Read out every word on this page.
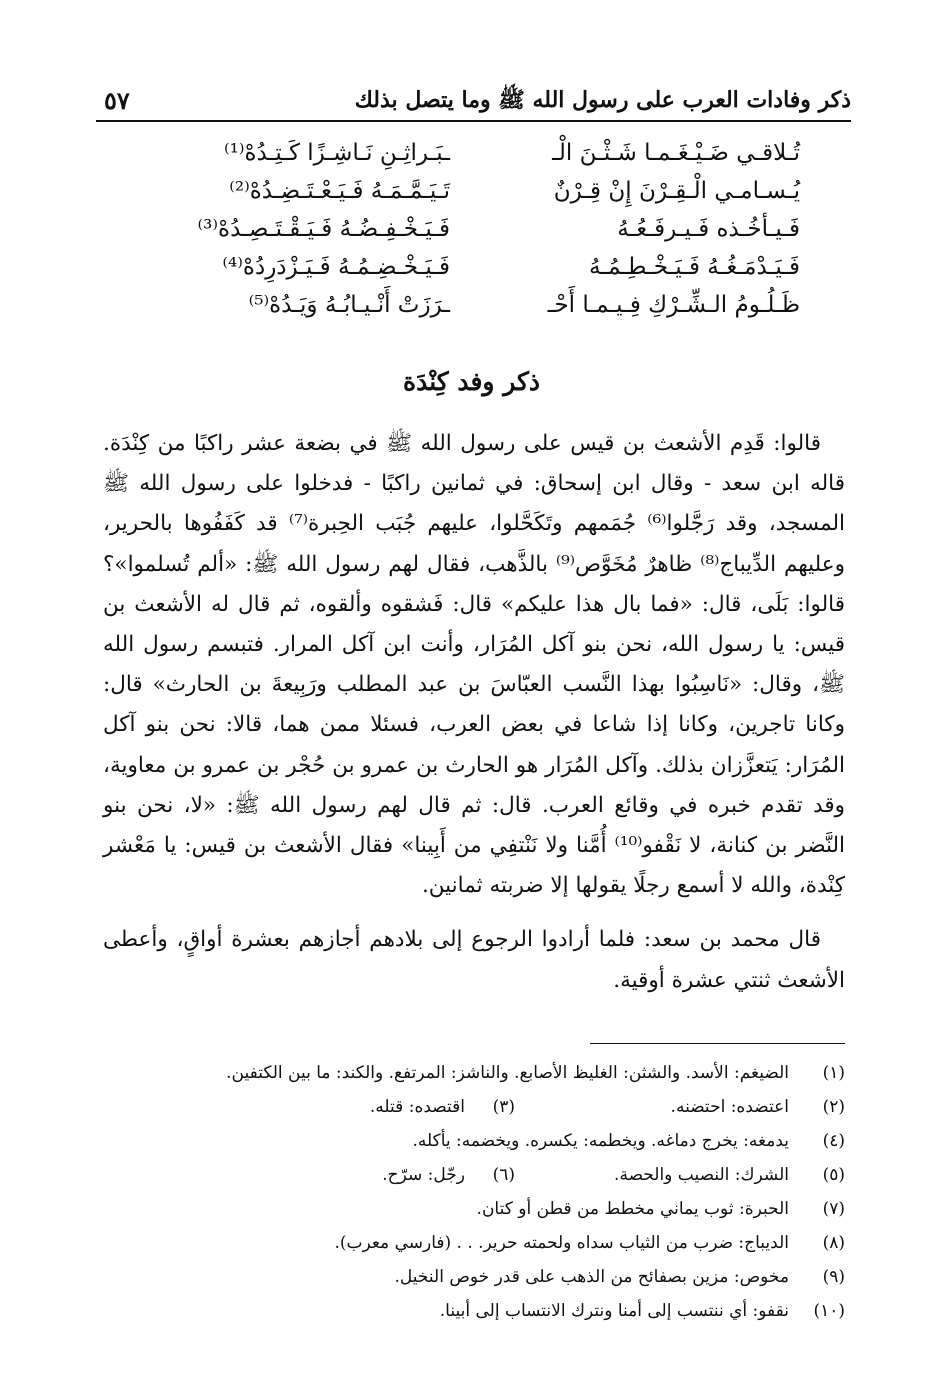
ذكر وفادات العرب على رسول الله ﷺ وما يتصل بذلك
٥٧
تُـلاقـي ضَـيْـغَـمـا شَـثْـنَ الْـ
ـبَـراثِـنِ نَـاشِـزًا كَـتِـدُهْ⁽¹⁾
يُـسـامـي الْـقِـرْنَ إِنْ قِـرْنٌ
تَـيَـمَّـمَـهُ فَـيَـعْـتَـضِـدُهْ⁽²⁾
فَـيـأخُـذه فَـيـرفَـعُـهُ
فَـيَـخْـفِـضُـهُ فَـيَـقْـتَـصِـدُهْ⁽³⁾
فَـيَـدْمَـغُـهُ فَـيَـخْـطِـمُـهُ
فَـيَـخْـضِـمُـهُ فَـيَـزْدَرِدُهْ⁽⁴⁾
ظَـلُـومُ الـشِّـرْكِ فِـيـمـا أَحْـ
ـرَزَتْ أَنْـيـابُـهُ وَيَـدُهْ⁽⁵⁾
ذكر وفد كِنْدَة

قالوا: قَدِم الأشعث بن قيس على رسول الله ﷺ في بضعة عشر راكبًا من كِنْدَة. قاله ابن سعد - وقال ابن إسحاق: في ثمانين راكبًا - فدخلوا على رسول الله ﷺ المسجد، وقد رَجَّلوا⁽⁶⁾ جُمَمهم وتَكَحَّلوا، عليهم جُبَب الحِبرة⁽⁷⁾ قد كَفَفُوها بالحرير، وعليهم الدِّيباج⁽⁸⁾ ظاهرٌ مُخَوَّص⁽⁹⁾ بالذَّهب، فقال لهم رسول الله ﷺ: «ألم تُسلموا»؟ قالوا: بَلَى، قال: «فما بال هذا عليكم» قال: فَشقوه وألقوه، ثم قال له الأشعث بن قيس: يا رسول الله، نحن بنو آكل المُرَار، وأنت ابن آكل المرار. فتبسم رسول الله ﷺ، وقال: «نَاسِبُوا بهذا النَّسب العبّاسَ بن عبد المطلب ورَبِيعةَ بن الحارث» قال: وكانا تاجرين، وكانا إذا شاعا في بعض العرب، فسئلا ممن هما، قالا: نحن بنو آكل المُرَار: يَتعزَّزان بذلك. وآكل المُرَار هو الحارث بن عمرو بن حُجْر بن عمرو بن معاوية، وقد تقدم خبره في وقائع العرب. قال: ثم قال لهم رسول الله ﷺ: «لا، نحن بنو النَّضر بن كنانة، لا نَقْفو⁽¹⁰⁾ أُمَّنا ولا نَنْتفِي من أَبِينا» فقال الأشعث بن قيس: يا مَعْشر كِنْدة، والله لا أسمع رجلًا يقولها إلا ضربته ثمانين.

قال محمد بن سعد: فلما أرادوا الرجوع إلى بلادهم أجازهم بعشرة أواقٍ، وأعطى الأشعث ثنتي عشرة أوقية.

(١)
الضيغم: الأسد. والشثن: الغليظ الأصابع. والناشز: المرتفع. والكند: ما بين الكتفين.
(٢)
اعتضده: احتضنه.
(٣)
اقتصده: قتله.
(٤)
يدمغه: يخرج دماغه. ويخطمه: يكسره. ويخضمه: يأكله.
(٥)
الشرك: النصيب والحصة.
(٦)
رجّل: سرّح.
(٧)
الحبرة: ثوب يماني مخطط من قطن أو كتان.
(٨)
الديباج: ضرب من الثياب سداه ولحمته حرير. . . (فارسي معرب).
(٩)
مخوص: مزين بصفائح من الذهب على قدر خوص النخيل.
(١٠)
نقفو: أي ننتسب إلى أمنا ونترك الانتساب إلى أبينا.
